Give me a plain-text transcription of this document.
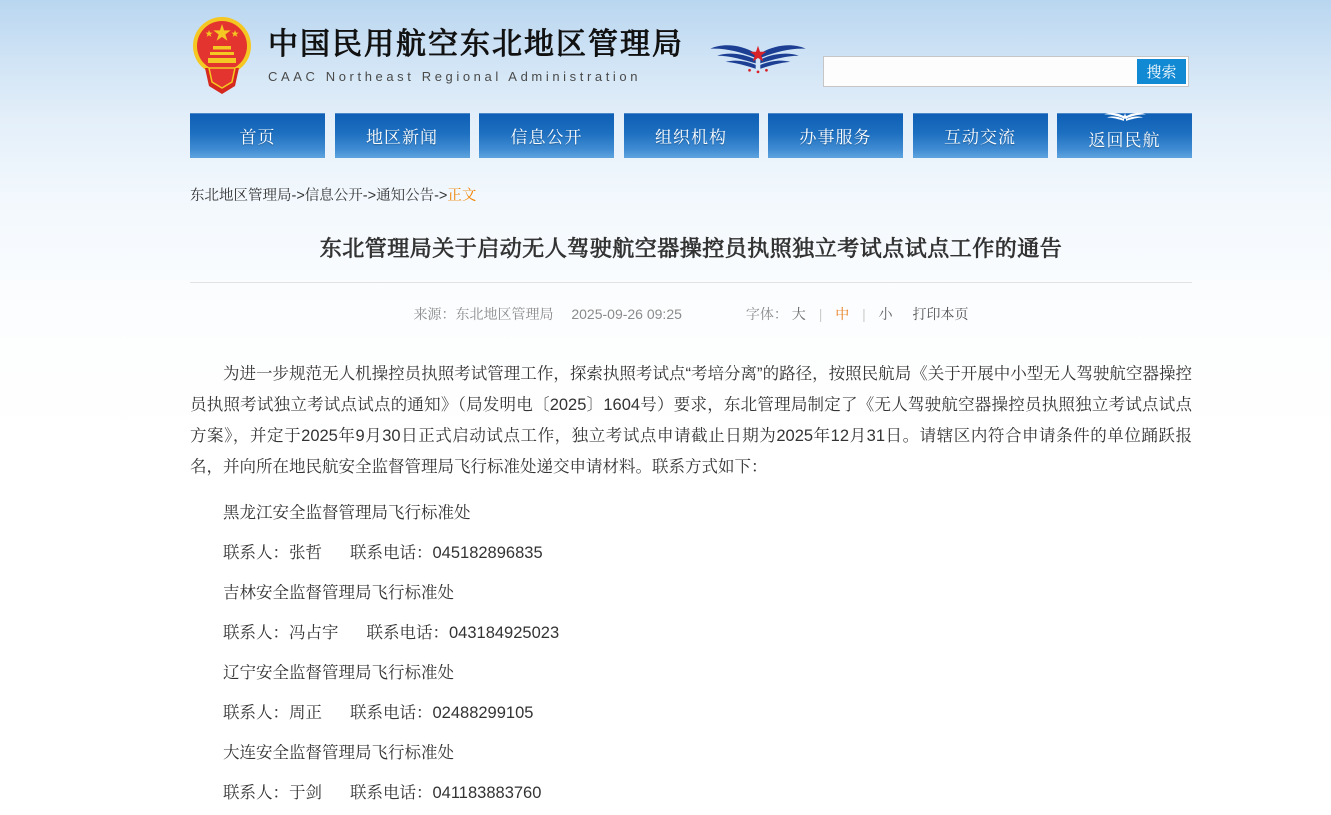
中国民用航空东北地区管理局
CAAC Northeast Regional Administration	搜索
首页	地区新闻	信息公开	组织机构	办事服务	互动交流	返回民航
东北地区管理局->信息公开->通知公告->正文
东北管理局关于启动无人驾驶航空器操控员执照独立考试点试点工作的通告
来源：东北地区管理局 2025-09-26 09:25	字体： 大 | 中 | 小 打印本页

为进一步规范无人机操控员执照考试管理工作，探索执照考试点“考培分离”的路径，按照民航局《关于开展中小型无人驾驶航空器操控员执照考试独立考试点试点的通知》（局发明电〔2025〕1604号）要求，东北管理局制定了《无人驾驶航空器操控员执照独立考试点试点方案》，并定于2025年9月30日正式启动试点工作，独立考试点申请截止日期为2025年12月31日。请辖区内符合申请条件的单位踊跃报名，并向所在地民航安全监督管理局飞行标准处递交申请材料。联系方式如下：

黑龙江安全监督管理局飞行标准处

联系人：张哲 联系电话：045182896835

吉林安全监督管理局飞行标准处

联系人：冯占宇 联系电话：043184925023

辽宁安全监督管理局飞行标准处

联系人：周正 联系电话：02488299105

大连安全监督管理局飞行标准处

联系人：于剑 联系电话：041183883760
